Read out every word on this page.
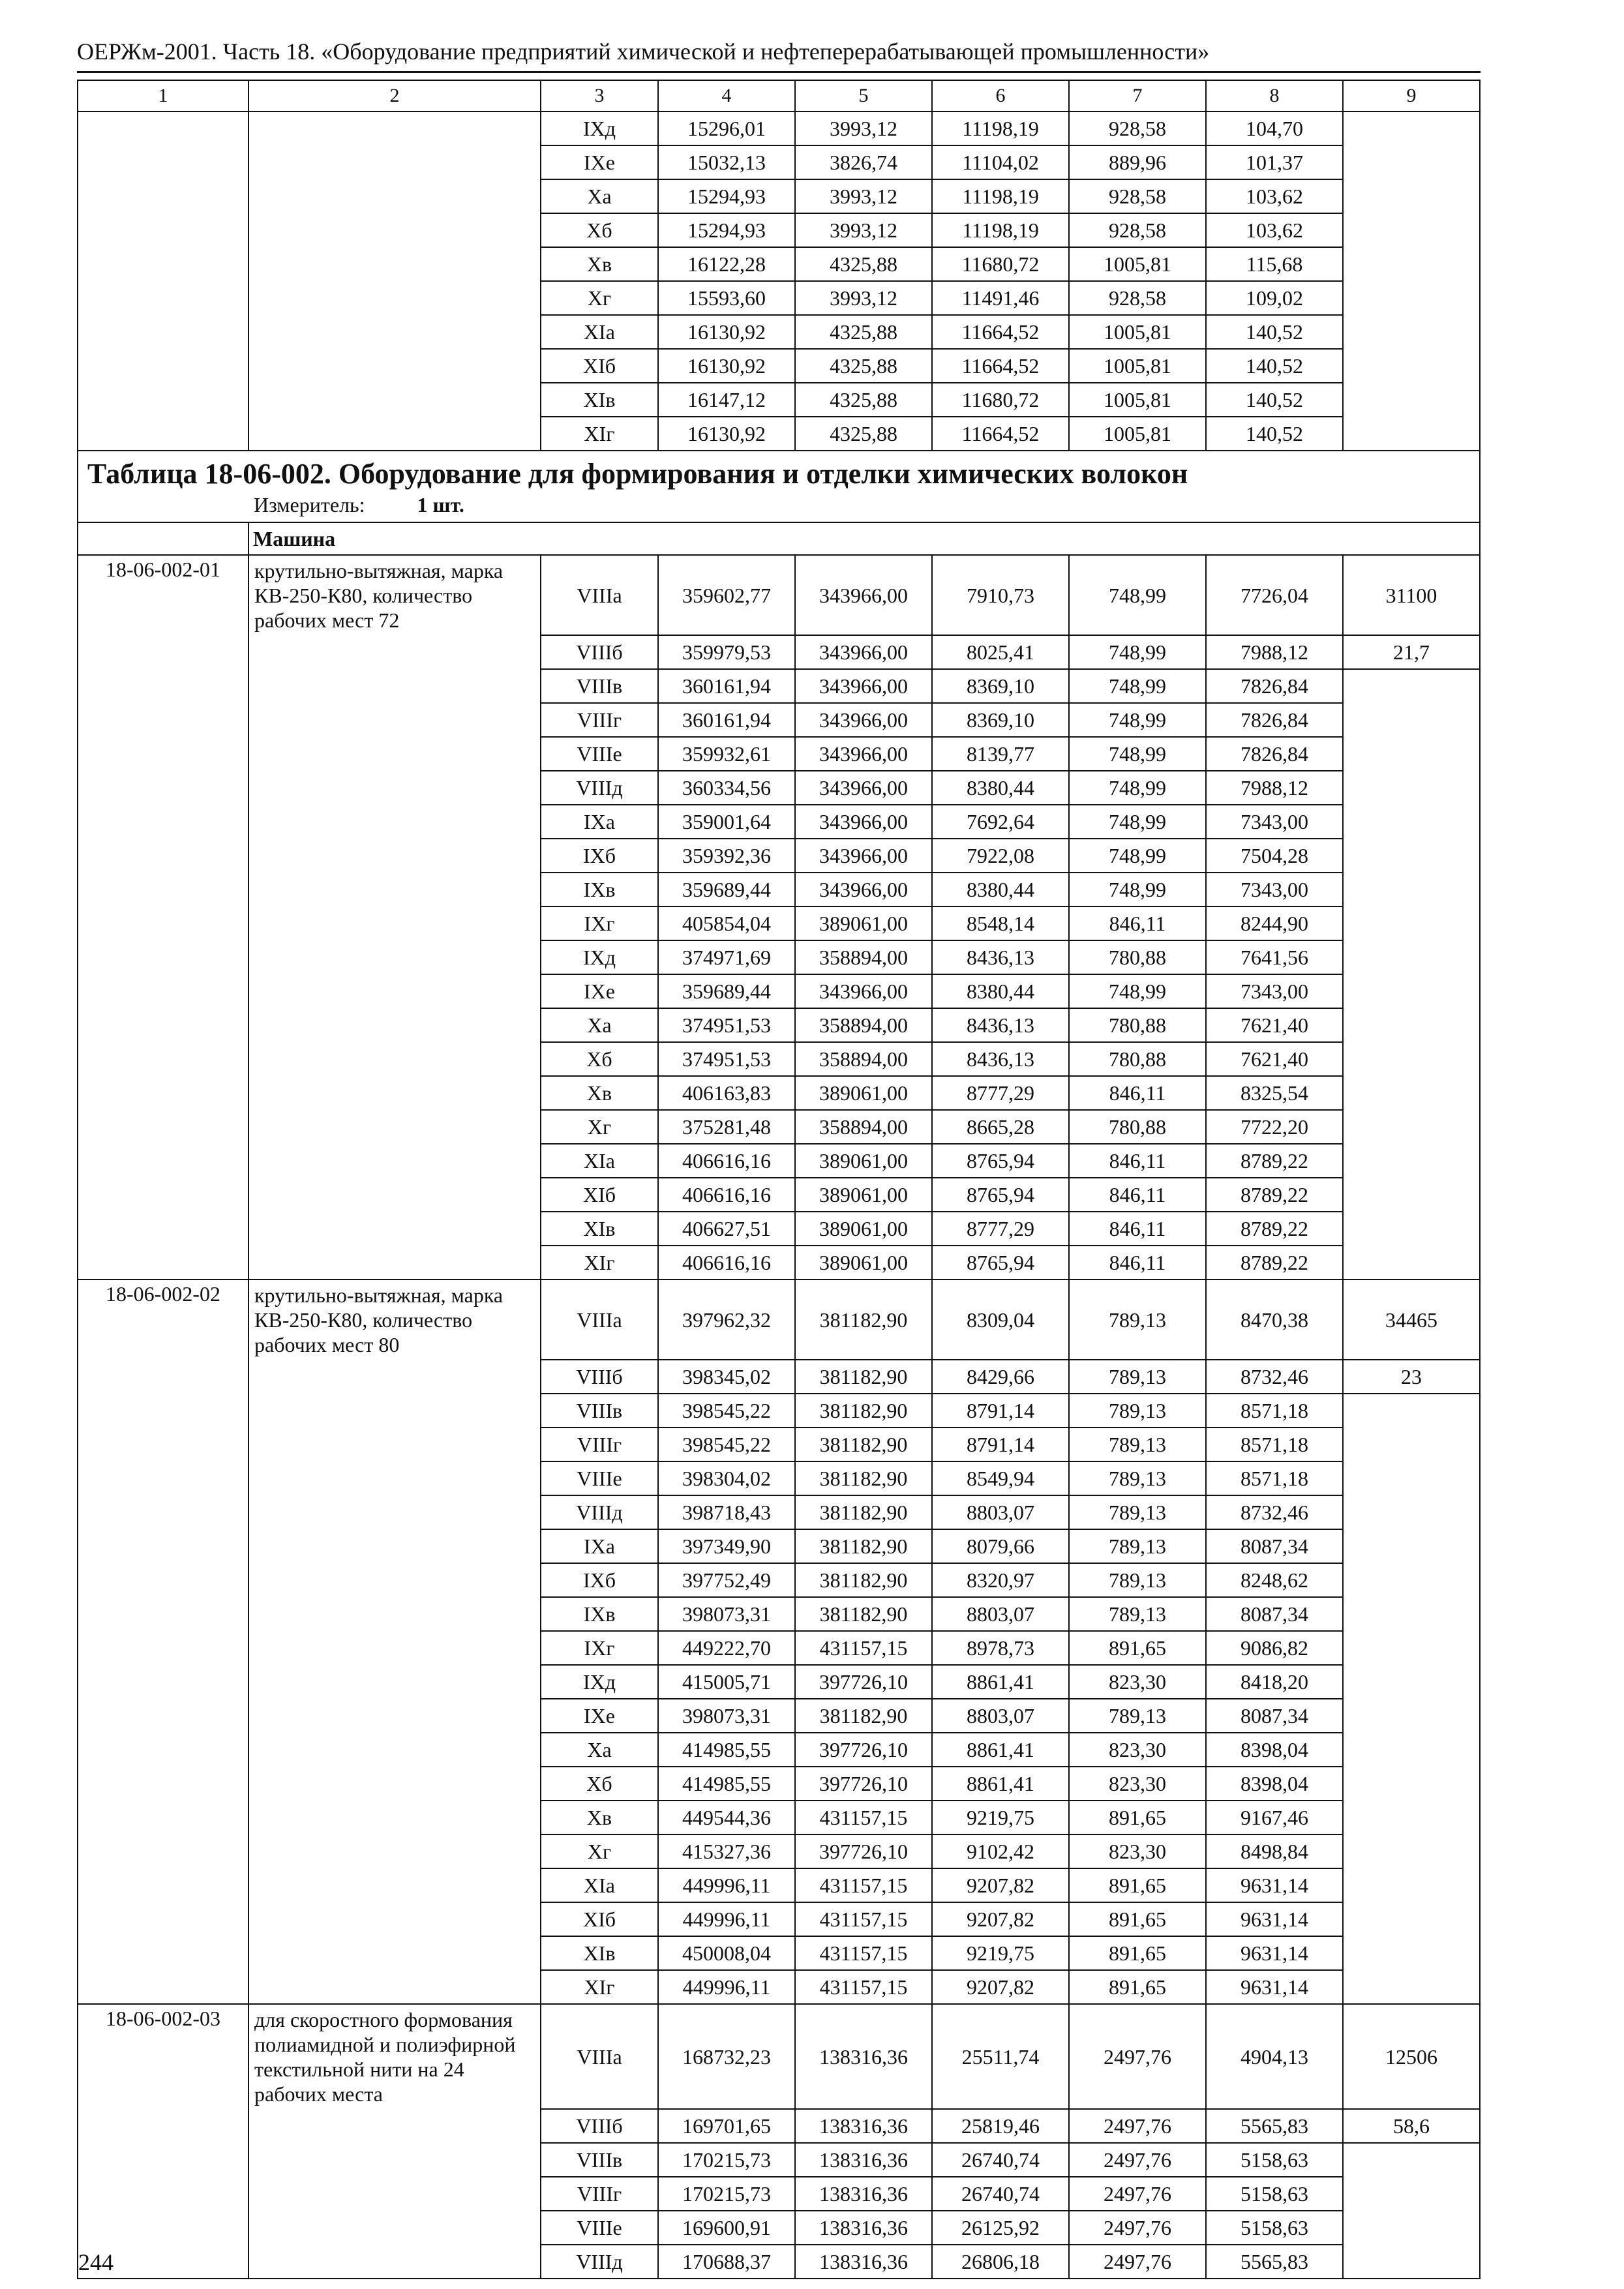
ОЕРЖм-2001. Часть 18. «Оборудование предприятий химической и нефтеперерабатывающей промышленности»
1	2	3	4	5	6	7	8	9
		IXд	15296,01	3993,12	11198,19	928,58	104,70	
		IXе	15032,13	3826,74	11104,02	889,96	101,37	
		Xа	15294,93	3993,12	11198,19	928,58	103,62	
		Xб	15294,93	3993,12	11198,19	928,58	103,62	
		Xв	16122,28	4325,88	11680,72	1005,81	115,68	
		Xг	15593,60	3993,12	11491,46	928,58	109,02	
		XIа	16130,92	4325,88	11664,52	1005,81	140,52	
		XIб	16130,92	4325,88	11664,52	1005,81	140,52	
		XIв	16147,12	4325,88	11680,72	1005,81	140,52	
		XIг	16130,92	4325,88	11664,52	1005,81	140,52	

Таблица 18-06-002. Оборудование для формирования и отделки химических волокон
Измеритель: 1 шт.								

	Машина							
18-06-002-01	крутильно-вытяжная, марка КВ-250-К80, количество рабочих мест 72	VIIIа	359602,77	343966,00	7910,73	748,99	7726,04	31100
		VIIIб	359979,53	343966,00	8025,41	748,99	7988,12	21,7
		VIIIв	360161,94	343966,00	8369,10	748,99	7826,84	
		VIIIг	360161,94	343966,00	8369,10	748,99	7826,84	
		VIIIе	359932,61	343966,00	8139,77	748,99	7826,84	
		VIIIд	360334,56	343966,00	8380,44	748,99	7988,12	
		IXа	359001,64	343966,00	7692,64	748,99	7343,00	
		IXб	359392,36	343966,00	7922,08	748,99	7504,28	
		IXв	359689,44	343966,00	8380,44	748,99	7343,00	
		IXг	405854,04	389061,00	8548,14	846,11	8244,90	
		IXд	374971,69	358894,00	8436,13	780,88	7641,56	
		IXе	359689,44	343966,00	8380,44	748,99	7343,00	
		Xа	374951,53	358894,00	8436,13	780,88	7621,40	
		Xб	374951,53	358894,00	8436,13	780,88	7621,40	
		Xв	406163,83	389061,00	8777,29	846,11	8325,54	
		Xг	375281,48	358894,00	8665,28	780,88	7722,20	
		XIа	406616,16	389061,00	8765,94	846,11	8789,22	
		XIб	406616,16	389061,00	8765,94	846,11	8789,22	
		XIв	406627,51	389061,00	8777,29	846,11	8789,22	
		XIг	406616,16	389061,00	8765,94	846,11	8789,22	
18-06-002-02	крутильно-вытяжная, марка КВ-250-К80, количество рабочих мест 80	VIIIа	397962,32	381182,90	8309,04	789,13	8470,38	34465
		VIIIб	398345,02	381182,90	8429,66	789,13	8732,46	23
		VIIIв	398545,22	381182,90	8791,14	789,13	8571,18	
		VIIIг	398545,22	381182,90	8791,14	789,13	8571,18	
		VIIIе	398304,02	381182,90	8549,94	789,13	8571,18	
		VIIIд	398718,43	381182,90	8803,07	789,13	8732,46	
		IXа	397349,90	381182,90	8079,66	789,13	8087,34	
		IXб	397752,49	381182,90	8320,97	789,13	8248,62	
		IXв	398073,31	381182,90	8803,07	789,13	8087,34	
		IXг	449222,70	431157,15	8978,73	891,65	9086,82	
		IXд	415005,71	397726,10	8861,41	823,30	8418,20	
		IXе	398073,31	381182,90	8803,07	789,13	8087,34	
		Xа	414985,55	397726,10	8861,41	823,30	8398,04	
		Xб	414985,55	397726,10	8861,41	823,30	8398,04	
		Xв	449544,36	431157,15	9219,75	891,65	9167,46	
		Xг	415327,36	397726,10	9102,42	823,30	8498,84	
		XIа	449996,11	431157,15	9207,82	891,65	9631,14	
		XIб	449996,11	431157,15	9207,82	891,65	9631,14	
		XIв	450008,04	431157,15	9219,75	891,65	9631,14	
		XIг	449996,11	431157,15	9207,82	891,65	9631,14	
18-06-002-03	для скоростного формования полиамидной и полиэфирной текстильной нити на 24 рабочих места	VIIIа	168732,23	138316,36	25511,74	2497,76	4904,13	12506
		VIIIб	169701,65	138316,36	25819,46	2497,76	5565,83	58,6
		VIIIв	170215,73	138316,36	26740,74	2497,76	5158,63	
		VIIIг	170215,73	138316,36	26740,74	2497,76	5158,63	
		VIIIе	169600,91	138316,36	26125,92	2497,76	5158,63	
		VIIIд	170688,37	138316,36	26806,18	2497,76	5565,83	
244
